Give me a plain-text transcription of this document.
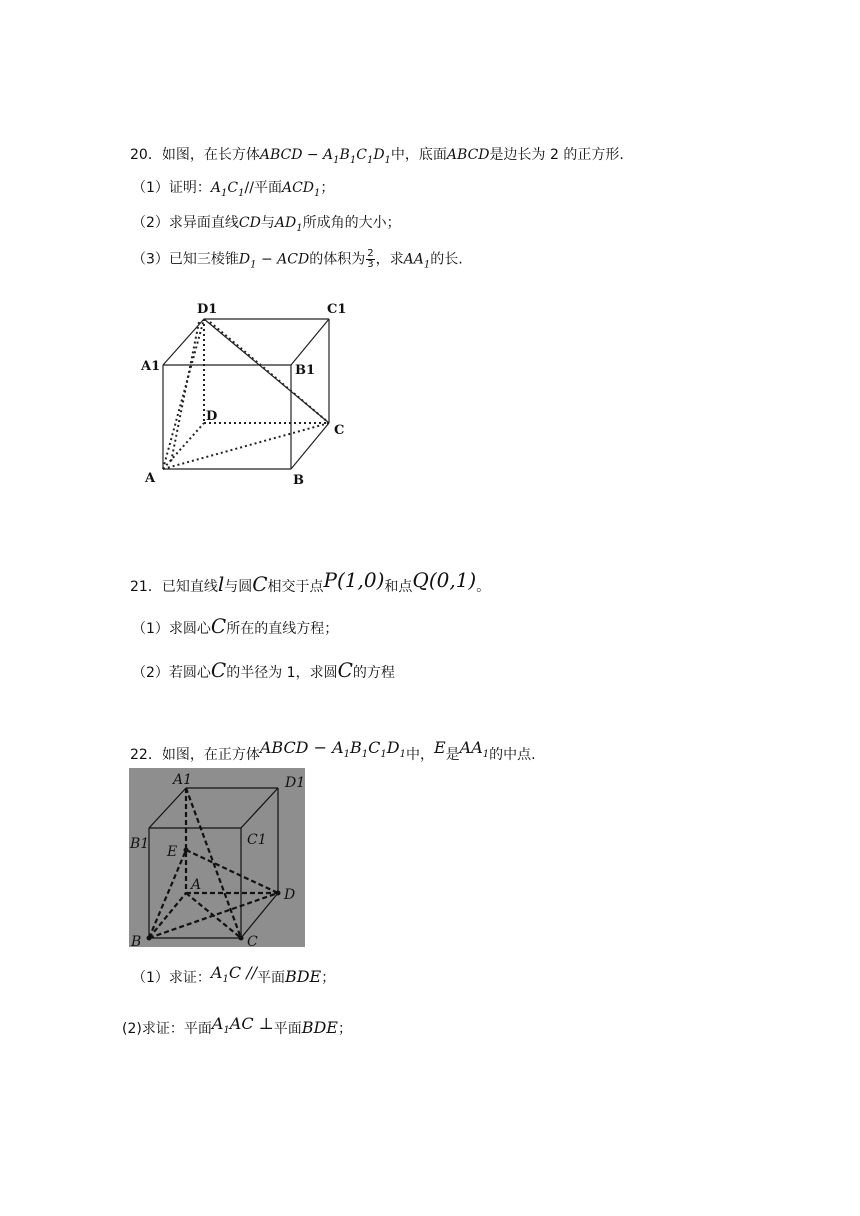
20．如图，在长方体ABCD − $A_1B_1C_1D_1$中，底面ABCD是边长为 2 的正方形.
（1）证明：$A_1C_1//$平面$ACD_1$；
（2）求异面直线CD与$AD_1$所成角的大小；
（3）已知三棱锥$D_1$ − ACD的体积为 $\frac{2}{3}$ ，求$AA_1$的长.
D1	C1
A1	B1
D
C
A	B
21．已知直线l与圆C相交于点P(1,0)和点Q(0,1)。
（1）求圆心C所在的直线方程；
（2）若圆心C的半径为 1，求圆C的方程
22．如图，在正方体ABCD − $A_1B_1C_1D_1$中，E是$AA_1$的中点.
A1	D1
B1	C1
E
A
D
B	C
（1）求证：$A_1C$ //平面BDE；
(2)求证：平面$A_1AC$ ⊥平面BDE；
